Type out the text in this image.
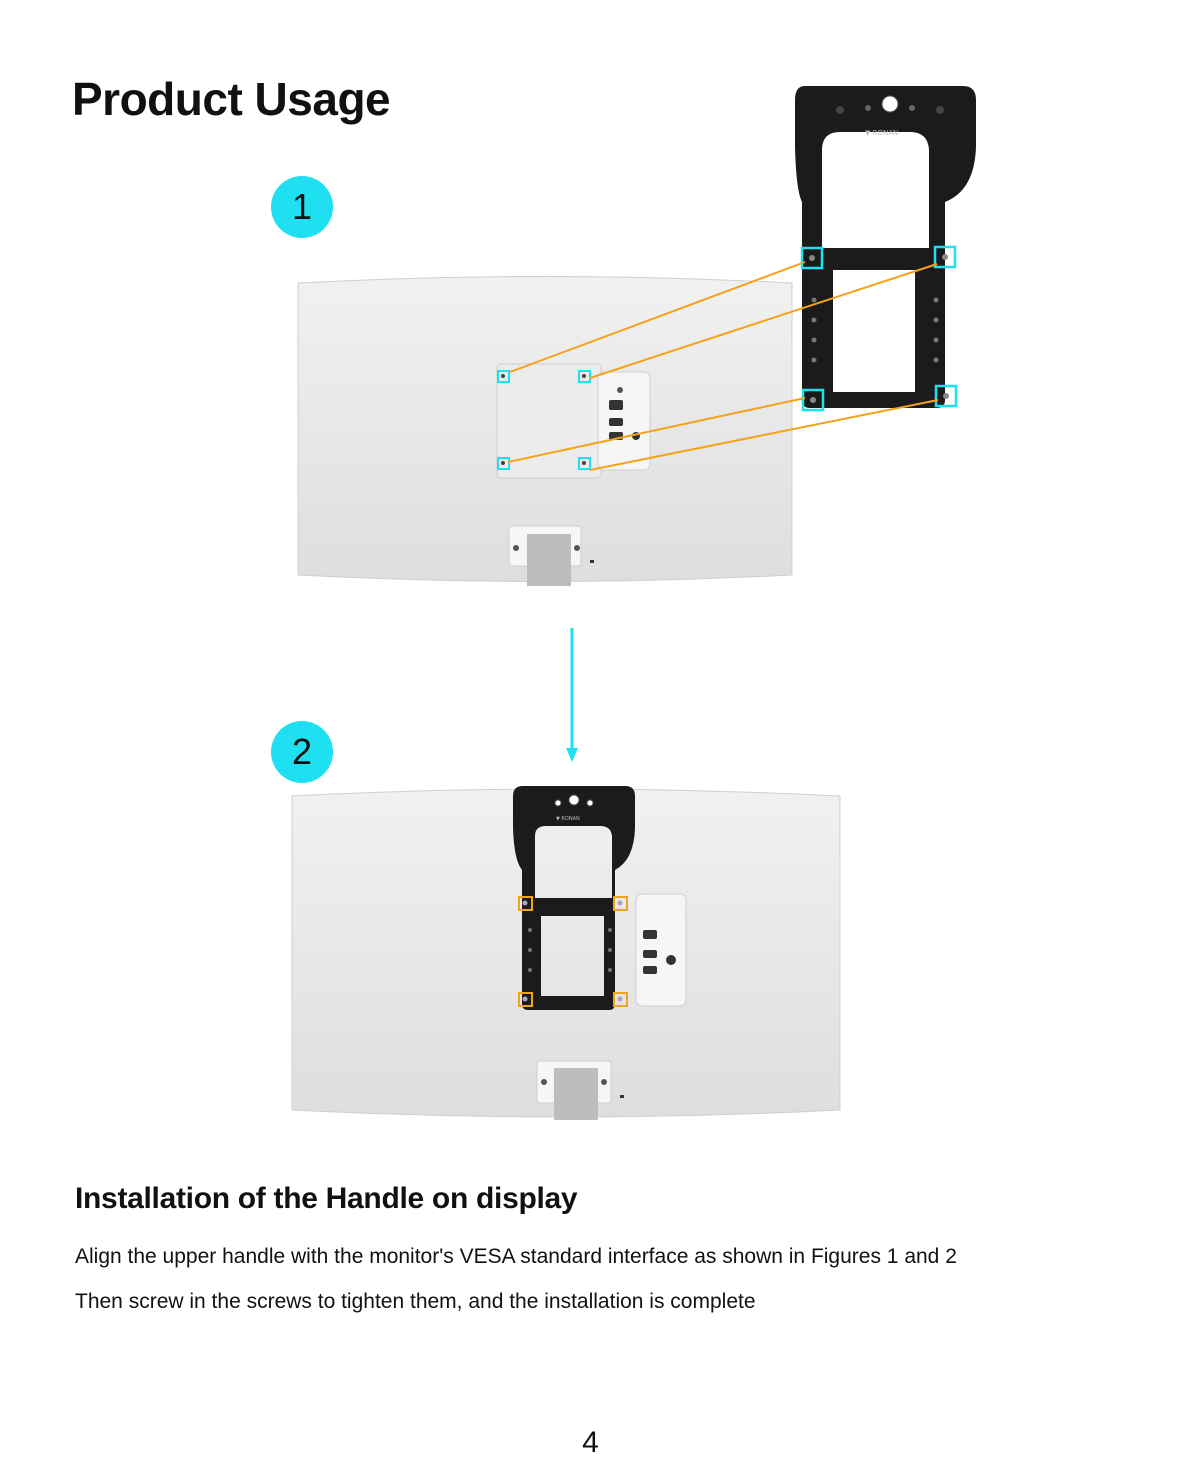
Product Usage
1
2
▼ RONAN
▼ RONAN
Installation of the Handle on display

Align the upper handle with the monitor's VESA standard interface as shown in Figures 1 and 2

Then screw in the screws to tighten them, and the installation is complete

4
